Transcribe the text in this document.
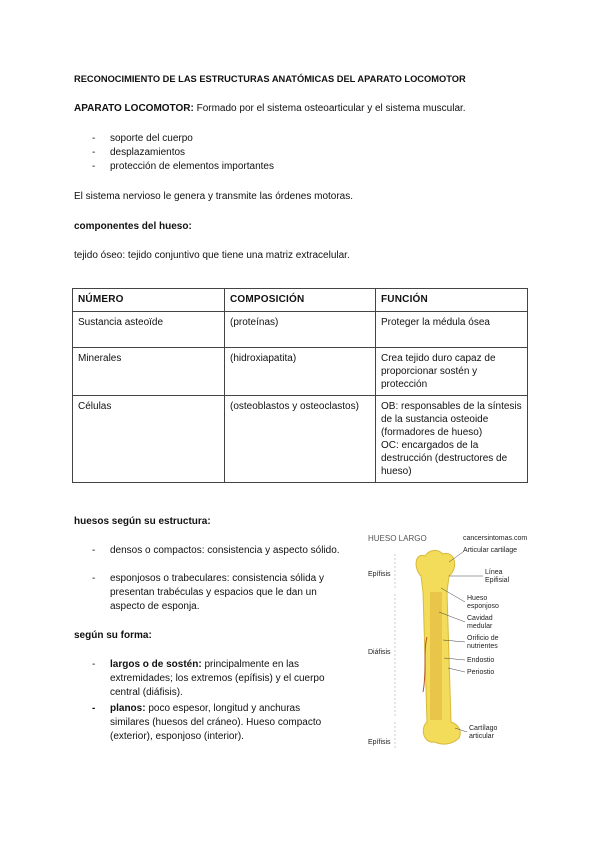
RECONOCIMIENTO DE LAS ESTRUCTURAS ANATÓMICAS DEL APARATO LOCOMOTOR

APARATO LOCOMOTOR: Formado por el sistema osteoarticular y el sistema muscular.

- soporte del cuerpo
- desplazamientos
- protección de elementos importantes

El sistema nervioso le genera y transmite las órdenes motoras.

componentes del hueso:

tejido óseo: tejido conjuntivo que tiene una matriz extracelular.

NÚMERO	COMPOSICIÓN	FUNCIÓN
Sustancia asteoïde	(proteínas)	Proteger la médula ósea
Minerales	(hidroxiapatita)	Crea tejido duro capaz de proporcionar sostén y protección
Células	(osteoblastos y osteoclastos)	OB: responsables de la síntesis de la sustancia osteoide (formadores de hueso)
OC: encargados de la destrucción (destructores de hueso)

huesos según su estructura:

- densos o compactos: consistencia y aspecto sólido.
- esponjosos o trabeculares: consistencia sólida y presentan trabéculas y espacios que le dan un aspecto de esponja.

según su forma:

- largos o de sostén: principalmente en las extremidades; los extremos (epífisis) y el cuerpo central (diáfisis).
- planos: poco espesor, longitud y anchuras similares (huesos del cráneo). Hueso compacto (exterior), esponjoso (interior).
HUESO LARGO	cancersintomas.com
Epífisis
Diáfisis
Epífisis
Articular cartilage
Línea
Epifisial
Hueso
esponjoso
Cavidad
medular
Orificio de
nutrientes
Endostio
Periostio
Cartílago
articular
